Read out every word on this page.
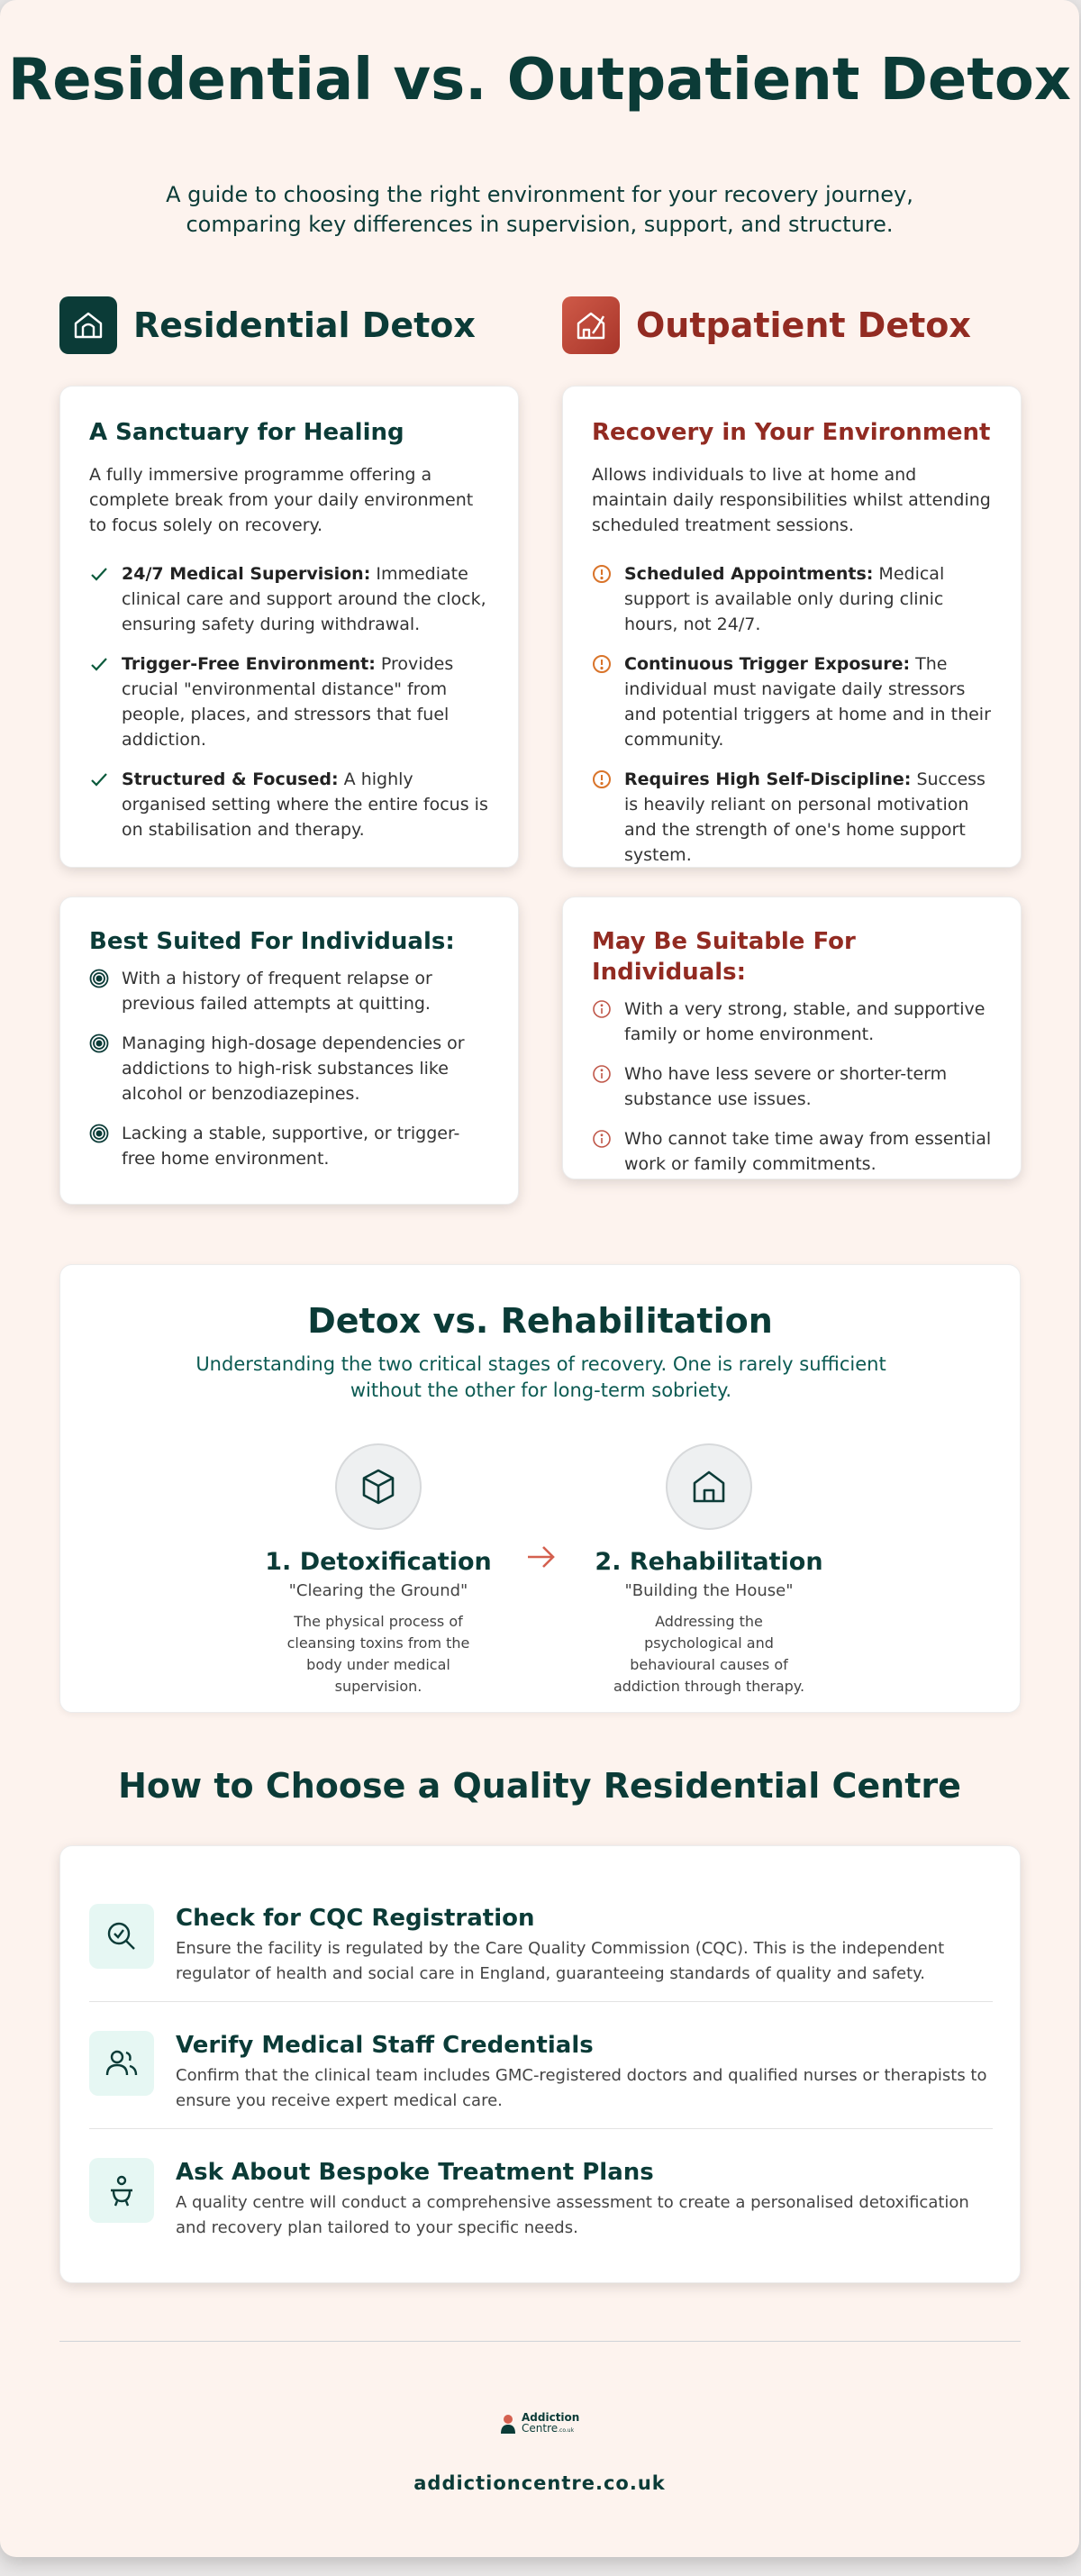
Residential vs. Outpatient Detox

A guide to choosing the right environment for your recovery journey, comparing key differences in supervision, support, and structure.

Residential Detox	Outpatient Detox
A Sanctuary for Healing

A fully immersive programme offering a complete break from your daily environment to focus solely on recovery.

24/7 Medical Supervision: Immediate clinical care and support around the clock, ensuring safety during withdrawal.
Trigger-Free Environment: Provides crucial "environmental distance" from people, places, and stressors that fuel addiction.
Structured & Focused: A highly organised setting where the entire focus is on stabilisation and therapy.
Recovery in Your Environment

Allows individuals to live at home and maintain daily responsibilities whilst attending scheduled treatment sessions.

Scheduled Appointments: Medical support is available only during clinic hours, not 24/7.
Continuous Trigger Exposure: The individual must navigate daily stressors and potential triggers at home and in their community.
Requires High Self-Discipline: Success is heavily reliant on personal motivation and the strength of one's home support system.
Best Suited For Individuals:
With a history of frequent relapse or previous failed attempts at quitting.
Managing high-dosage dependencies or addictions to high-risk substances like alcohol or benzodiazepines.
Lacking a stable, supportive, or trigger-free home environment.
May Be Suitable For Individuals:
With a very strong, stable, and supportive family or home environment.
Who have less severe or shorter-term substance use issues.
Who cannot take time away from essential work or family commitments.
Detox vs. Rehabilitation
Understanding the two critical stages of recovery. One is rarely sufficient without the other for long-term sobriety.
1. Detoxification
"Clearing the Ground"
The physical process of cleansing toxins from the body under medical supervision.
2. Rehabilitation
"Building the House"
Addressing the psychological and behavioural causes of addiction through therapy.
How to Choose a Quality Residential Centre
Check for CQC Registration

Ensure the facility is regulated by the Care Quality Commission (CQC). This is the independent regulator of health and social care in England, guaranteeing standards of quality and safety.

Verify Medical Staff Credentials

Confirm that the clinical team includes GMC-registered doctors and qualified nurses or therapists to ensure you receive expert medical care.

Ask About Bespoke Treatment Plans

A quality centre will conduct a comprehensive assessment to create a personalised detoxification and recovery plan tailored to your specific needs.

Addiction
Centre.co.uk
addictioncentre.co.uk
